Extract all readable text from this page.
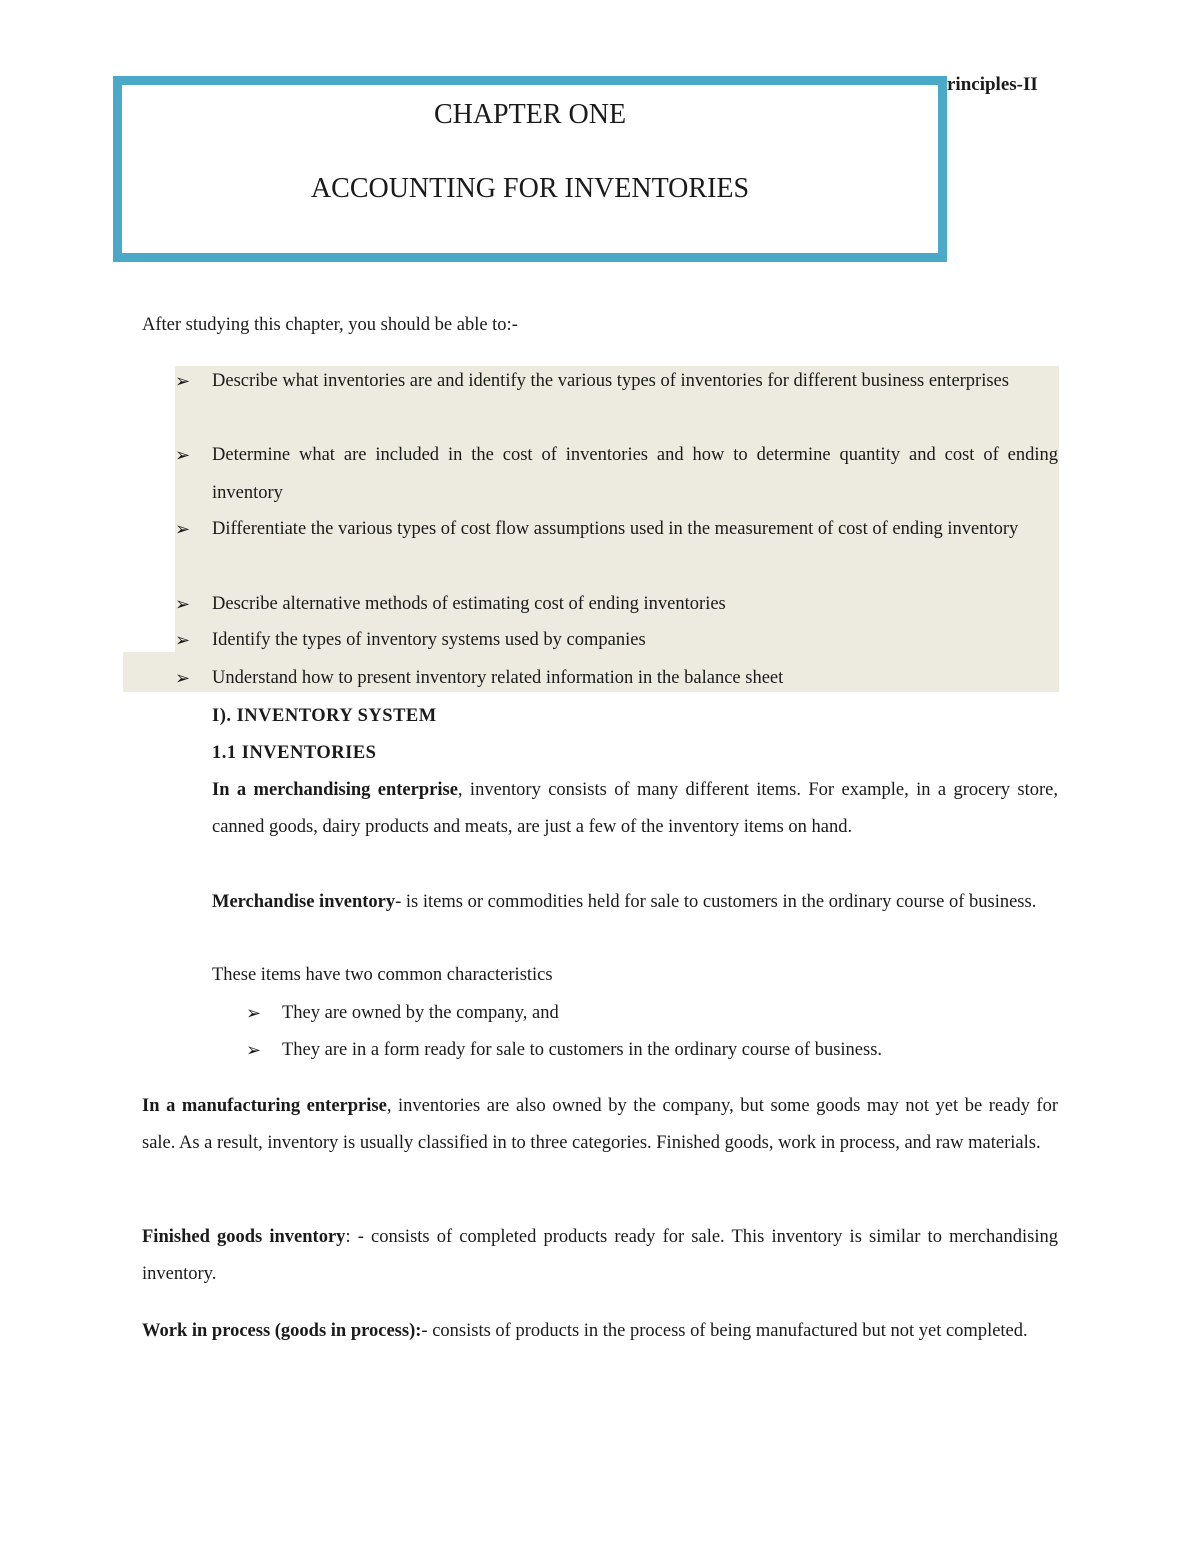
rinciples-II
CHAPTER ONE
ACCOUNTING FOR INVENTORIES
After studying this chapter, you should be able to:-
➢ Describe what inventories are and identify the various types of inventories for different business enterprises
➢ Determine what are included in the cost of inventories and how to determine quantity and cost of ending inventory
➢ Differentiate the various types of cost flow assumptions used in the measurement of cost of ending inventory
➢ Describe alternative methods of estimating cost of ending inventories
➢ Identify the types of inventory systems used by companies
➢ Understand how to present inventory related information in the balance sheet
I). INVENTORY SYSTEM
1.1 INVENTORIES
In a merchandising enterprise, inventory consists of many different items. For example, in a grocery store, canned goods, dairy products and meats, are just a few of the inventory items on hand.
Merchandise inventory- is items or commodities held for sale to customers in the ordinary course of business.
These items have two common characteristics
➢ They are owned by the company, and
➢ They are in a form ready for sale to customers in the ordinary course of business.
In a manufacturing enterprise, inventories are also owned by the company, but some goods may not yet be ready for sale. As a result, inventory is usually classified in to three categories. Finished goods, work in process, and raw materials.
Finished goods inventory: - consists of completed products ready for sale. This inventory is similar to merchandising inventory.
Work in process (goods in process):- consists of products in the process of being manufactured but not yet completed.
